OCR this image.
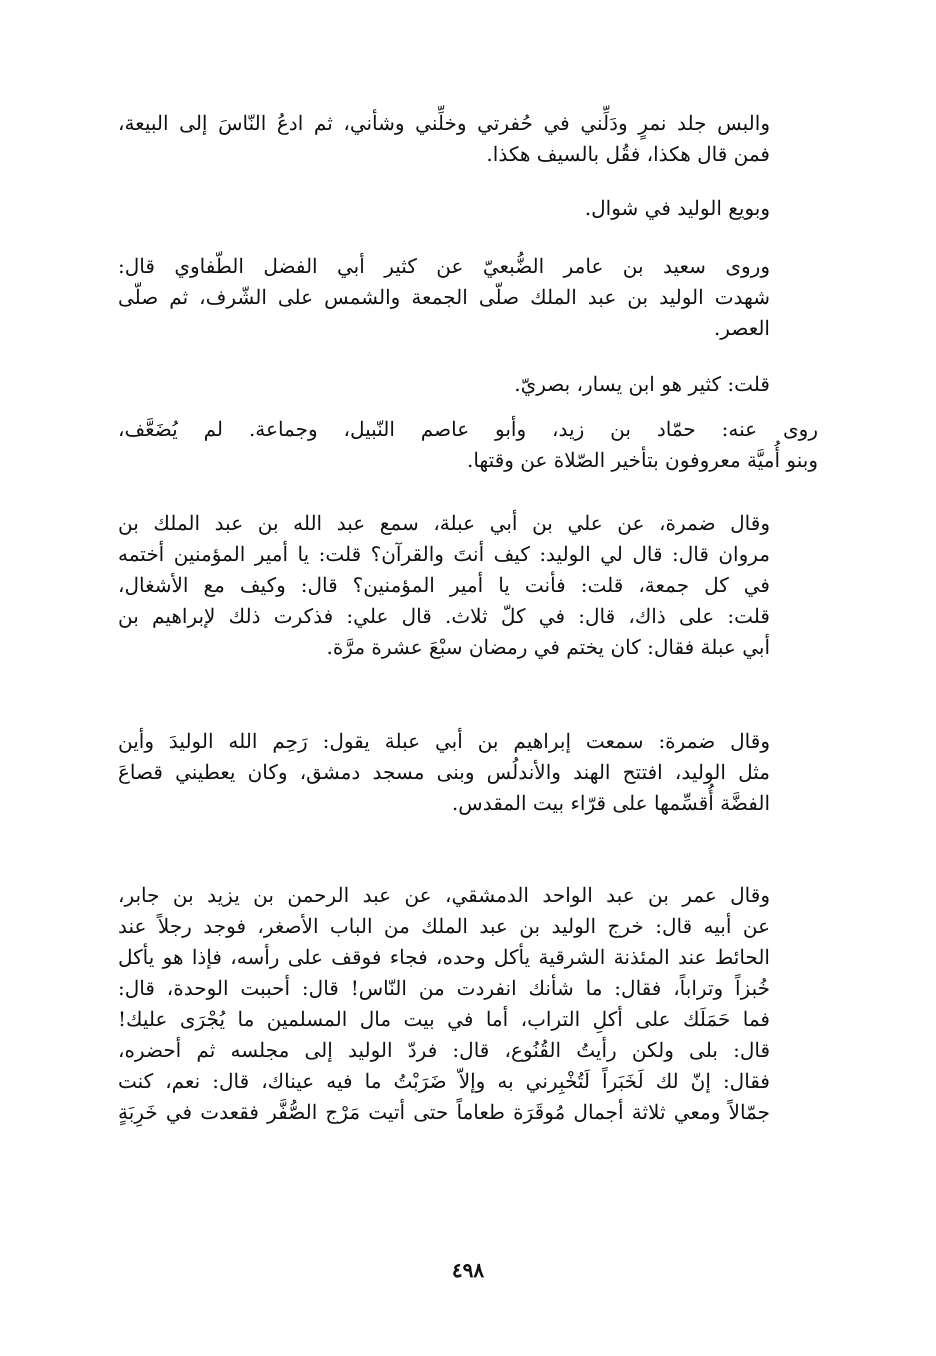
والبس جلد نمرٍ ودَلِّني في حُفرتي وخلِّني وشأني، ثم ادعُ النّاسَ إلى البيعة،
فمن قال هكذا، فقُل بالسيف هكذا.
وبويع الوليد في شوال.
وروى سعيد بن عامر الضُّبعيّ عن كثير أبي الفضل الطّفاوي قال:
شهدت الوليد بن عبد الملك صلّى الجمعة والشمس على الشّرف، ثم صلّى
العصر.
قلت: كثير هو ابن يسار، بصريّ.
روى عنه: حمّاد بن زيد، وأبو عاصم النّبيل، وجماعة. لم يُضَعَّف،
وبنو أُميَّة معروفون بتأخير الصّلاة عن وقتها.
وقال ضمرة، عن علي بن أبي عبلة، سمع عبد الله بن عبد الملك بن
مروان قال: قال لي الوليد: كيف أنتَ والقرآن؟ قلت: يا أمير المؤمنين أختمه
في كل جمعة، قلت: فأنت يا أمير المؤمنين؟ قال: وكيف مع الأشغال،
قلت: على ذاك، قال: في كلّ ثلاث. قال علي: فذكرت ذلك لإبراهيم بن
أبي عبلة فقال: كان يختم في رمضان سبْعَ عشرة مرَّة.
وقال ضمرة: سمعت إبراهيم بن أبي عبلة يقول: رَحِم الله الوليدَ وأين
مثل الوليد، افتتح الهند والأندلُس وبنى مسجد دمشق، وكان يعطيني قصاعَ
الفضَّة أُقسِّمها على قرّاء بيت المقدس.
وقال عمر بن عبد الواحد الدمشقي، عن عبد الرحمن بن يزيد بن جابر،
عن أبيه قال: خرج الوليد بن عبد الملك من الباب الأصغر، فوجد رجلاً عند
الحائط عند المئذنة الشرقية يأكل وحده، فجاء فوقف على رأسه، فإذا هو يأكل
خُبزاً وتراباً، فقال: ما شأنك انفردت من النّاس! قال: أحببت الوحدة، قال:
فما حَمَلَك على أكلِ التراب، أما في بيت مال المسلمين ما يُجْرَى عليك!
قال: بلى ولكن رأيتُ القُنُوع، قال: فردّ الوليد إلى مجلسه ثم أحضره،
فقال: إنّ لك لَخَبَراً لَتُخْبِرني به وإلاّ ضَرَبْتُ ما فيه عيناك، قال: نعم، كنت
جمّالاً ومعي ثلاثة أجمال مُوقَرَة طعاماً حتى أتيت مَرْج الصُّفَّر فقعدت في خَرِبَةٍ
٤٩٨
